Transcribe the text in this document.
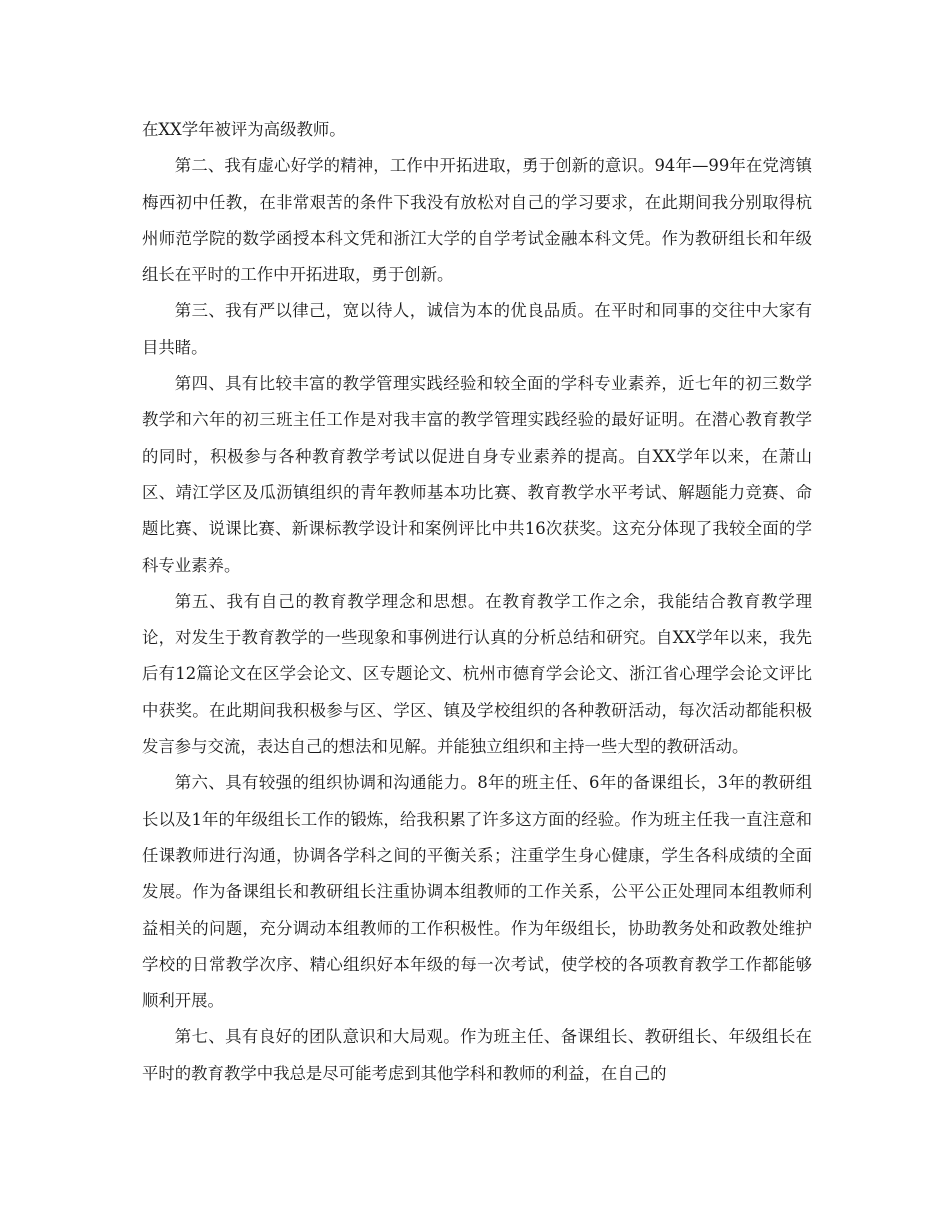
在XX学年被评为高级教师。

第二、我有虚心好学的精神，工作中开拓进取，勇于创新的意识。94年—99年在党湾镇梅西初中任教，在非常艰苦的条件下我没有放松对自己的学习要求，在此期间我分别取得杭州师范学院的数学函授本科文凭和浙江大学的自学考试金融本科文凭。作为教研组长和年级组长在平时的工作中开拓进取，勇于创新。

第三、我有严以律己，宽以待人，诚信为本的优良品质。在平时和同事的交往中大家有目共睹。

第四、具有比较丰富的教学管理实践经验和较全面的学科专业素养，近七年的初三数学教学和六年的初三班主任工作是对我丰富的教学管理实践经验的最好证明。在潜心教育教学的同时，积极参与各种教育教学考试以促进自身专业素养的提高。自XX学年以来，在萧山区、靖江学区及瓜沥镇组织的青年教师基本功比赛、教育教学水平考试、解题能力竞赛、命题比赛、说课比赛、新课标教学设计和案例评比中共16次获奖。这充分体现了我较全面的学科专业素养。

第五、我有自己的教育教学理念和思想。在教育教学工作之余，我能结合教育教学理论，对发生于教育教学的一些现象和事例进行认真的分析总结和研究。自XX学年以来，我先后有12篇论文在区学会论文、区专题论文、杭州市德育学会论文、浙江省心理学会论文评比中获奖。在此期间我积极参与区、学区、镇及学校组织的各种教研活动，每次活动都能积极发言参与交流，表达自己的想法和见解。并能独立组织和主持一些大型的教研活动。

第六、具有较强的组织协调和沟通能力。8年的班主任、6年的备课组长，3年的教研组长以及1年的年级组长工作的锻炼，给我积累了许多这方面的经验。作为班主任我一直注意和任课教师进行沟通，协调各学科之间的平衡关系；注重学生身心健康，学生各科成绩的全面发展。作为备课组长和教研组长注重协调本组教师的工作关系，公平公正处理同本组教师利益相关的问题，充分调动本组教师的工作积极性。作为年级组长，协助教务处和政教处维护学校的日常教学次序、精心组织好本年级的每一次考试，使学校的各项教育教学工作都能够顺利开展。

第七、具有良好的团队意识和大局观。作为班主任、备课组长、教研组长、年级组长在平时的教育教学中我总是尽可能考虑到其他学科和教师的利益，在自己的
